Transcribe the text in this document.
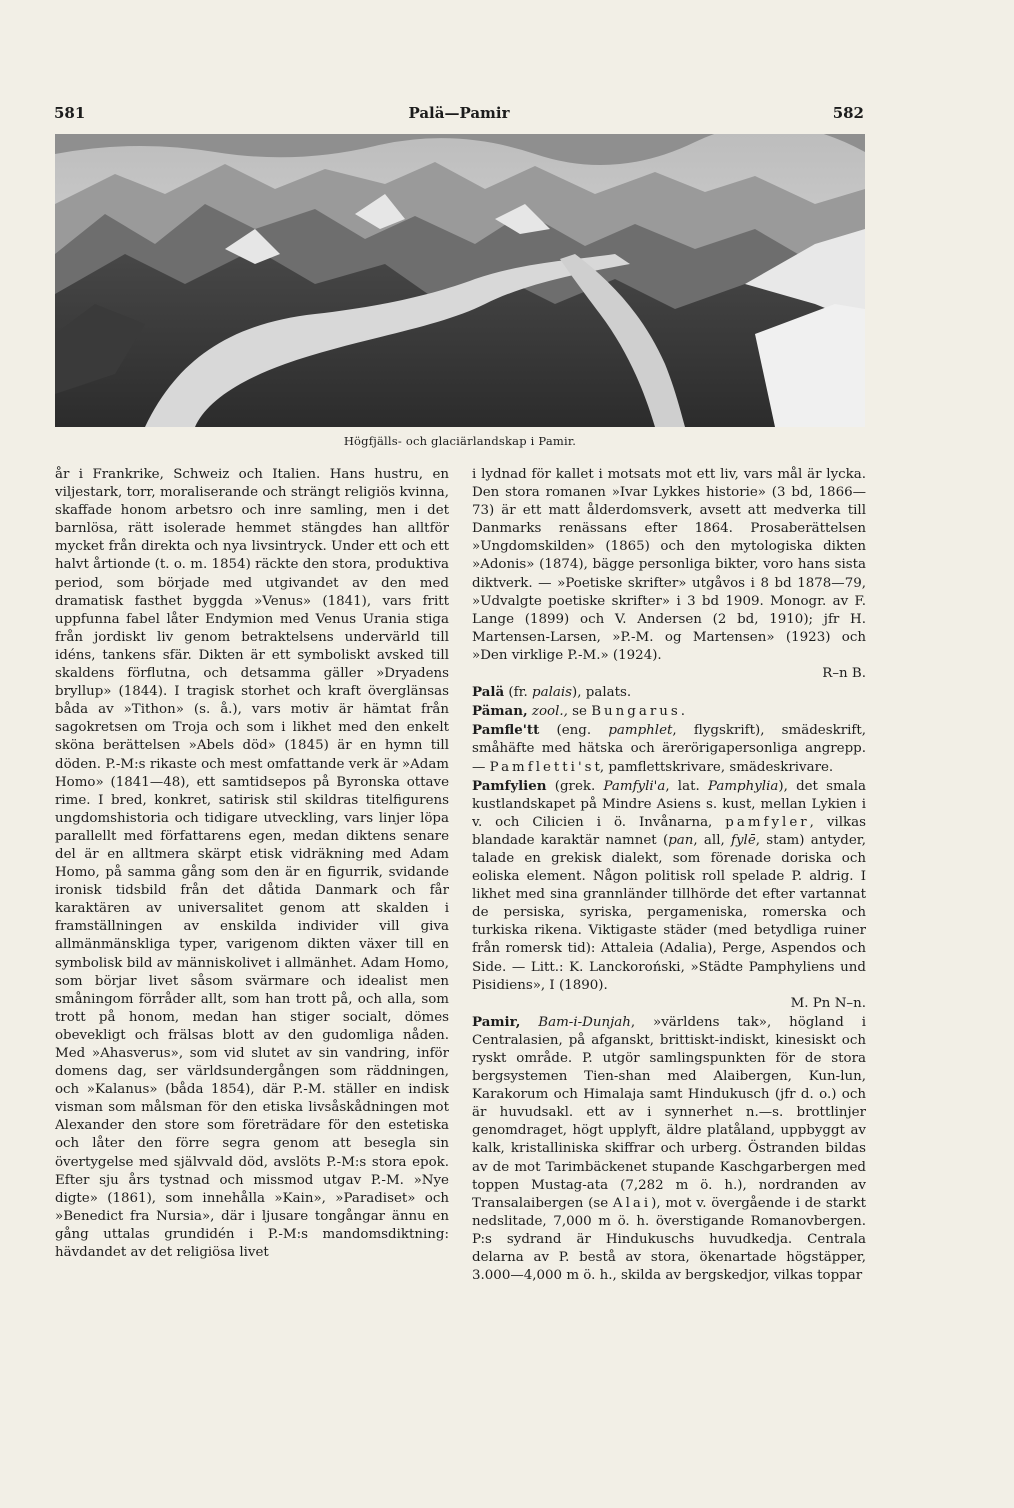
581	Palä—Pamir	582
Högfjälls- och glaciärlandskap i Pamir.

år i Frankrike, Schweiz och Italien. Hans hustru, en viljestark, torr, moraliserande och strängt religiös kvinna, skaffade honom arbetsro och inre samling, men i det barnlösa, rätt isolerade hemmet stängdes han alltför mycket från direkta och nya livsintryck. Under ett och ett halvt årtionde (t. o. m. 1854) räckte den stora, produktiva period, som började med utgivandet av den med dramatisk fasthet byggda »Venus» (1841), vars fritt uppfunna fabel låter Endymion med Venus Urania stiga från jordiskt liv genom betraktelsens undervärld till idéns, tankens sfär. Dikten är ett symboliskt avsked till skaldens förflutna, och detsamma gäller »Dryadens bryllup» (1844). I tragisk storhet och kraft överglänsas båda av »Tithon» (s. å.), vars motiv är hämtat från sagokretsen om Troja och som i likhet med den enkelt sköna berättelsen »Abels död» (1845) är en hymn till döden. P.-M:s rikaste och mest omfattande verk är »Adam Homo» (1841—48), ett samtidsepos på Byronska ottave rime. I bred, konkret, satirisk stil skildras titelfigurens ungdomshistoria och tidigare utveckling, vars linjer löpa parallellt med författarens egen, medan diktens senare del är en alltmera skärpt etisk vidräkning med Adam Homo, på samma gång som den är en figurrik, svidande ironisk tidsbild från det dåtida Danmark och får karaktären av universalitet genom att skalden i framställningen av enskilda individer vill giva allmänmänskliga typer, varigenom dikten växer till en symbolisk bild av människolivet i allmänhet. Adam Homo, som börjar livet såsom svärmare och idealist men småningom förråder allt, som han trott på, och alla, som trott på honom, medan han stiger socialt, dömes obevekligt och frälsas blott av den gudomliga nåden. Med »Ahasverus», som vid slutet av sin vandring, inför domens dag, ser världsundergången som räddningen, och »Kalanus» (båda 1854), där P.-M. ställer en indisk visman som målsman för den etiska livsåskådningen mot Alexander den store som företrädare för den estetiska och låter den förre segra genom att besegla sin övertygelse med självvald död, avslöts P.-M:s stora epok. Efter sju års tystnad och missmod utgav P.-M. »Nye digte» (1861), som innehålla »Kain», »Paradiset» och »Benedict fra Nursia», där i ljusare tongångar ännu en gång uttalas grundidén i P.-M:s mandomsdiktning: hävdandet av det religiösa livet

i lydnad för kallet i motsats mot ett liv, vars mål är lycka. Den stora romanen »Ivar Lykkes historie» (3 bd, 1866—73) är ett matt ålderdomsverk, avsett att medverka till Danmarks renässans efter 1864. Prosaberättelsen »Ungdomskilden» (1865) och den mytologiska dikten »Adonis» (1874), bägge personliga bikter, voro hans sista diktverk. — »Poetiske skrifter» utgåvos i 8 bd 1878—79, »Udvalgte poetiske skrifter» i 3 bd 1909. Monogr. av F. Lange (1899) och V. Andersen (2 bd, 1910); jfr H. Martensen-Larsen, »P.-M. og Martensen» (1923) och »Den virklige P.-M.» (1924).
R–n B.

Palä (fr. palais), palats.

Päman, zool., se Bungarus.

Pamfle'tt (eng. pamphlet, flygskrift), smädeskrift, småhäfte med hätska och ärerörigapersonliga angrepp. — Pamfletti'st, pamflettskrivare, smädeskrivare.

Pamfylien (grek. Pamfyli'a, lat. Pamphylia), det smala kustlandskapet på Mindre Asiens s. kust, mellan Lykien i v. och Cilicien i ö. Invånarna, pamfyler, vilkas blandade karaktär namnet (pan, all, fylē, stam) antyder, talade en grekisk dialekt, som förenade doriska och eoliska element. Någon politisk roll spelade P. aldrig. I likhet med sina grannländer tillhörde det efter vartannat de persiska, syriska, pergameniska, romerska och turkiska rikena. Viktigaste städer (med betydliga ruiner från romersk tid): Attaleia (Adalia), Perge, Aspendos och Side. — Litt.: K. Lanckoroński, »Städte Pamphyliens und Pisidiens», I (1890).
M. Pn N–n.

Pamir, Bam-i-Dunjah, »världens tak», högland i Centralasien, på afganskt, brittiskt-indiskt, kinesiskt och ryskt område. P. utgör samlingspunkten för de stora bergsystemen Tien-shan med Alaibergen, Kun-lun, Karakorum och Himalaja samt Hindukusch (jfr d. o.) och är huvudsakl. ett av i synnerhet n.—s. brottlinjer genomdraget, högt upplyft, äldre platåland, uppbyggt av kalk, kristalliniska skiffrar och urberg. Östranden bildas av de mot Tarimbäckenet stupande Kaschgarbergen med toppen Mustag-ata (7,282 m ö. h.), nordranden av Transalaibergen (se Alai), mot v. övergående i de starkt nedslitade, 7,000 m ö. h. överstigande Romanovbergen. P:s sydrand är Hindukuschs huvudkedja. Centrala delarna av P. bestå av stora, ökenartade högstäpper, 3.000—4,000 m ö. h., skilda av bergskedjor, vilkas toppar
